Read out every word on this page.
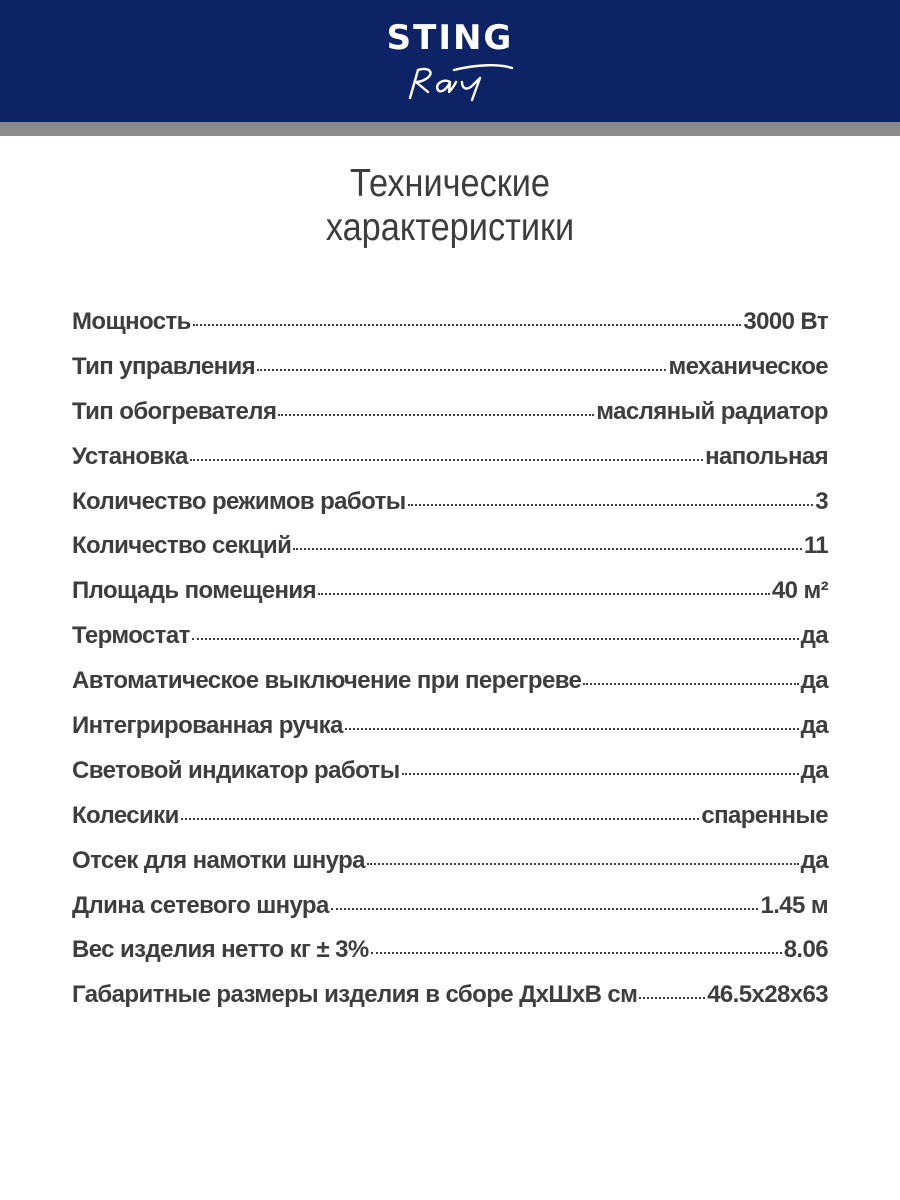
STING
Технические
характеристики
Мощность	3000 Вт
Тип управления	механическое
Тип обогревателя	масляный радиатор
Установка	напольная
Количество режимов работы	3
Количество секций	11
Площадь помещения	40 м²
Термостат	да
Автоматическое выключение при перегреве	да
Интегрированная ручка	да
Световой индикатор работы	да
Колесики	спаренные
Отсек для намотки шнура	да
Длина сетевого шнура	1.45 м
Вес изделия нетто кг ± 3%	8.06
Габаритные размеры изделия в сборе ДхШхВ см	46.5x28x63
